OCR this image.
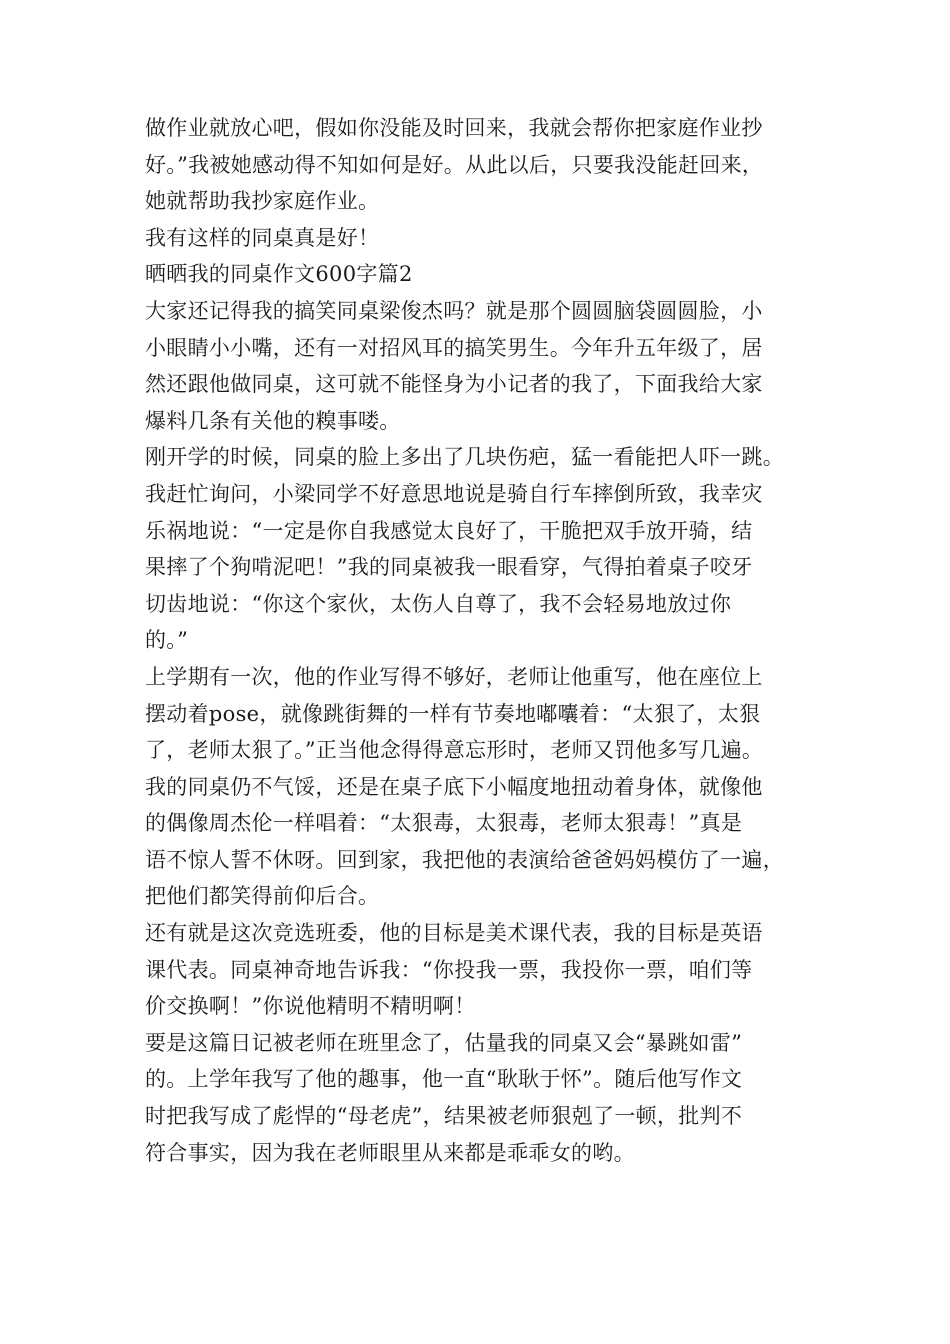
做作业就放心吧，假如你没能及时回来，我就会帮你把家庭作业抄
好。”我被她感动得不知如何是好。从此以后，只要我没能赶回来，
她就帮助我抄家庭作业。
我有这样的同桌真是好！
晒晒我的同桌作文600字篇2
大家还记得我的搞笑同桌梁俊杰吗？就是那个圆圆脑袋圆圆脸，小
小眼睛小小嘴，还有一对招风耳的搞笑男生。今年升五年级了，居
然还跟他做同桌，这可就不能怪身为小记者的我了，下面我给大家
爆料几条有关他的糗事喽。
刚开学的时候，同桌的脸上多出了几块伤疤，猛一看能把人吓一跳。
我赶忙询问，小梁同学不好意思地说是骑自行车摔倒所致，我幸灾
乐祸地说：“一定是你自我感觉太良好了，干脆把双手放开骑，结
果摔了个狗啃泥吧！”我的同桌被我一眼看穿，气得拍着桌子咬牙
切齿地说：“你这个家伙，太伤人自尊了，我不会轻易地放过你
的。”
上学期有一次，他的作业写得不够好，老师让他重写，他在座位上
摆动着pose，就像跳街舞的一样有节奏地嘟囔着：“太狠了，太狠
了，老师太狠了。”正当他念得得意忘形时，老师又罚他多写几遍。
我的同桌仍不气馁，还是在桌子底下小幅度地扭动着身体，就像他
的偶像周杰伦一样唱着：“太狠毒，太狠毒，老师太狠毒！”真是
语不惊人誓不休呀。回到家，我把他的表演给爸爸妈妈模仿了一遍，
把他们都笑得前仰后合。
还有就是这次竞选班委，他的目标是美术课代表，我的目标是英语
课代表。同桌神奇地告诉我：“你投我一票，我投你一票，咱们等
价交换啊！”你说他精明不精明啊！
要是这篇日记被老师在班里念了，估量我的同桌又会“暴跳如雷”
的。上学年我写了他的趣事，他一直“耿耿于怀”。随后他写作文
时把我写成了彪悍的“母老虎”，结果被老师狠剋了一顿，批判不
符合事实，因为我在老师眼里从来都是乖乖女的哟。
